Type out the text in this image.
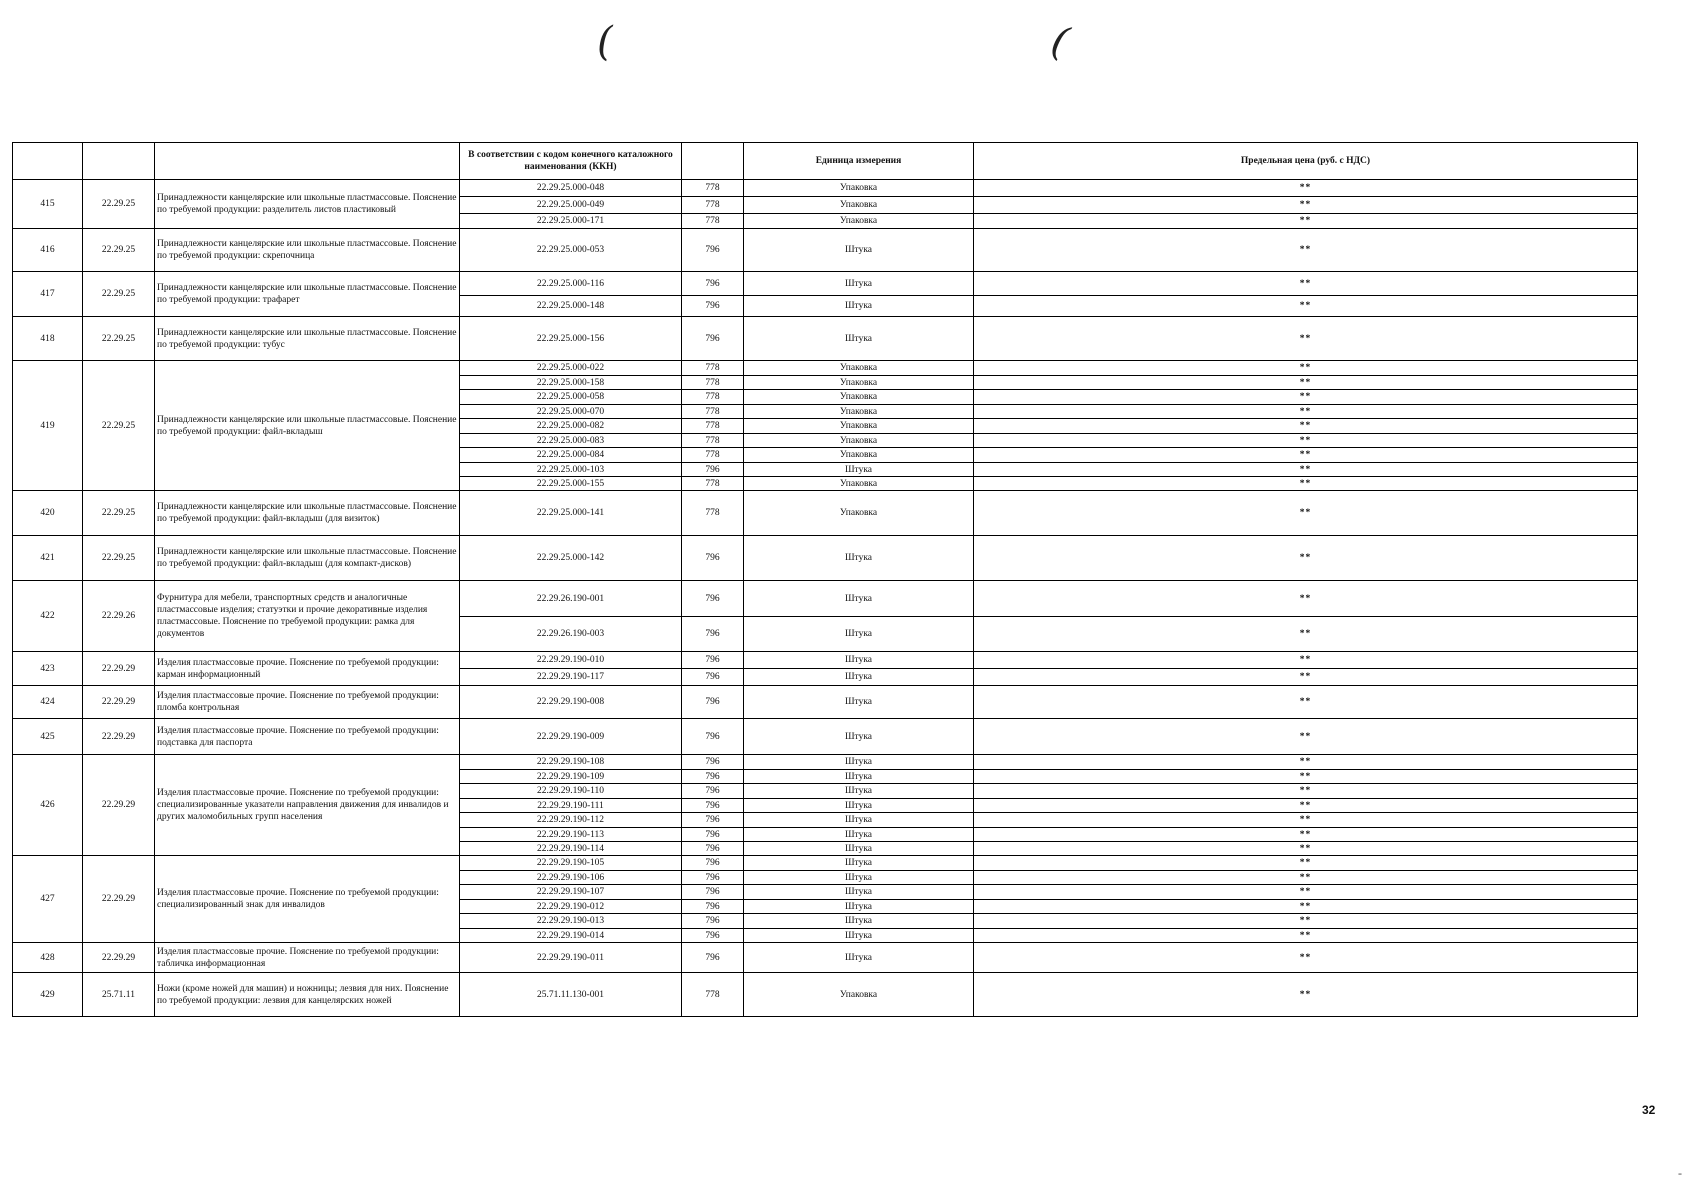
(	(
			В соответствии с кодом конечного каталожного наименования (ККН)		Единица измерения	Предельная цена (руб. с НДС)
415	22.29.25	Принадлежности канцелярские или школьные пластмассовые. Пояснение по требуемой продукции: разделитель листов пластиковый	22.29.25.000-048	778	Упаковка	**
			22.29.25.000-049	778	Упаковка	**
			22.29.25.000-171	778	Упаковка	**
416	22.29.25	Принадлежности канцелярские или школьные пластмассовые. Пояснение по требуемой продукции: скрепочница	22.29.25.000-053	796	Штука	**
417	22.29.25	Принадлежности канцелярские или школьные пластмассовые. Пояснение по требуемой продукции: трафарет	22.29.25.000-116	796	Штука	**
			22.29.25.000-148	796	Штука	**
418	22.29.25	Принадлежности канцелярские или школьные пластмассовые. Пояснение по требуемой продукции: тубус	22.29.25.000-156	796	Штука	**
419	22.29.25	Принадлежности канцелярские или школьные пластмассовые. Пояснение по требуемой продукции: файл-вкладыш	22.29.25.000-022	778	Упаковка	**
			22.29.25.000-158	778	Упаковка	**
			22.29.25.000-058	778	Упаковка	**
			22.29.25.000-070	778	Упаковка	**
			22.29.25.000-082	778	Упаковка	**
			22.29.25.000-083	778	Упаковка	**
			22.29.25.000-084	778	Упаковка	**
			22.29.25.000-103	796	Штука	**
			22.29.25.000-155	778	Упаковка	**
420	22.29.25	Принадлежности канцелярские или школьные пластмассовые. Пояснение по требуемой продукции: файл-вкладыш (для визиток)	22.29.25.000-141	778	Упаковка	**
421	22.29.25	Принадлежности канцелярские или школьные пластмассовые. Пояснение по требуемой продукции: файл-вкладыш (для компакт-дисков)	22.29.25.000-142	796	Штука	**
422	22.29.26	Фурнитура для мебели, транспортных средств и аналогичные пластмассовые изделия; статуэтки и прочие декоративные изделия пластмассовые. Пояснение по требуемой продукции: рамка для документов	22.29.26.190-001	796	Штука	**
			22.29.26.190-003	796	Штука	**
423	22.29.29	Изделия пластмассовые прочие. Пояснение по требуемой продукции: карман информационный	22.29.29.190-010	796	Штука	**
			22.29.29.190-117	796	Штука	**
424	22.29.29	Изделия пластмассовые прочие. Пояснение по требуемой продукции: пломба контрольная	22.29.29.190-008	796	Штука	**
425	22.29.29	Изделия пластмассовые прочие. Пояснение по требуемой продукции: подставка для паспорта	22.29.29.190-009	796	Штука	**
426	22.29.29	Изделия пластмассовые прочие. Пояснение по требуемой продукции: специализированные указатели направления движения для инвалидов и других маломобильных групп населения	22.29.29.190-108	796	Штука	**
			22.29.29.190-109	796	Штука	**
			22.29.29.190-110	796	Штука	**
			22.29.29.190-111	796	Штука	**
			22.29.29.190-112	796	Штука	**
			22.29.29.190-113	796	Штука	**
			22.29.29.190-114	796	Штука	**
427	22.29.29	Изделия пластмассовые прочие. Пояснение по требуемой продукции: специализированный знак для инвалидов	22.29.29.190-105	796	Штука	**
			22.29.29.190-106	796	Штука	**
			22.29.29.190-107	796	Штука	**
			22.29.29.190-012	796	Штука	**
			22.29.29.190-013	796	Штука	**
			22.29.29.190-014	796	Штука	**
428	22.29.29	Изделия пластмассовые прочие. Пояснение по требуемой продукции: табличка информационная	22.29.29.190-011	796	Штука	**
429	25.71.11	Ножи (кроме ножей для машин) и ножницы; лезвия для них. Пояснение по требуемой продукции: лезвия для канцелярских ножей	25.71.11.130-001	778	Упаковка	**
32
-
